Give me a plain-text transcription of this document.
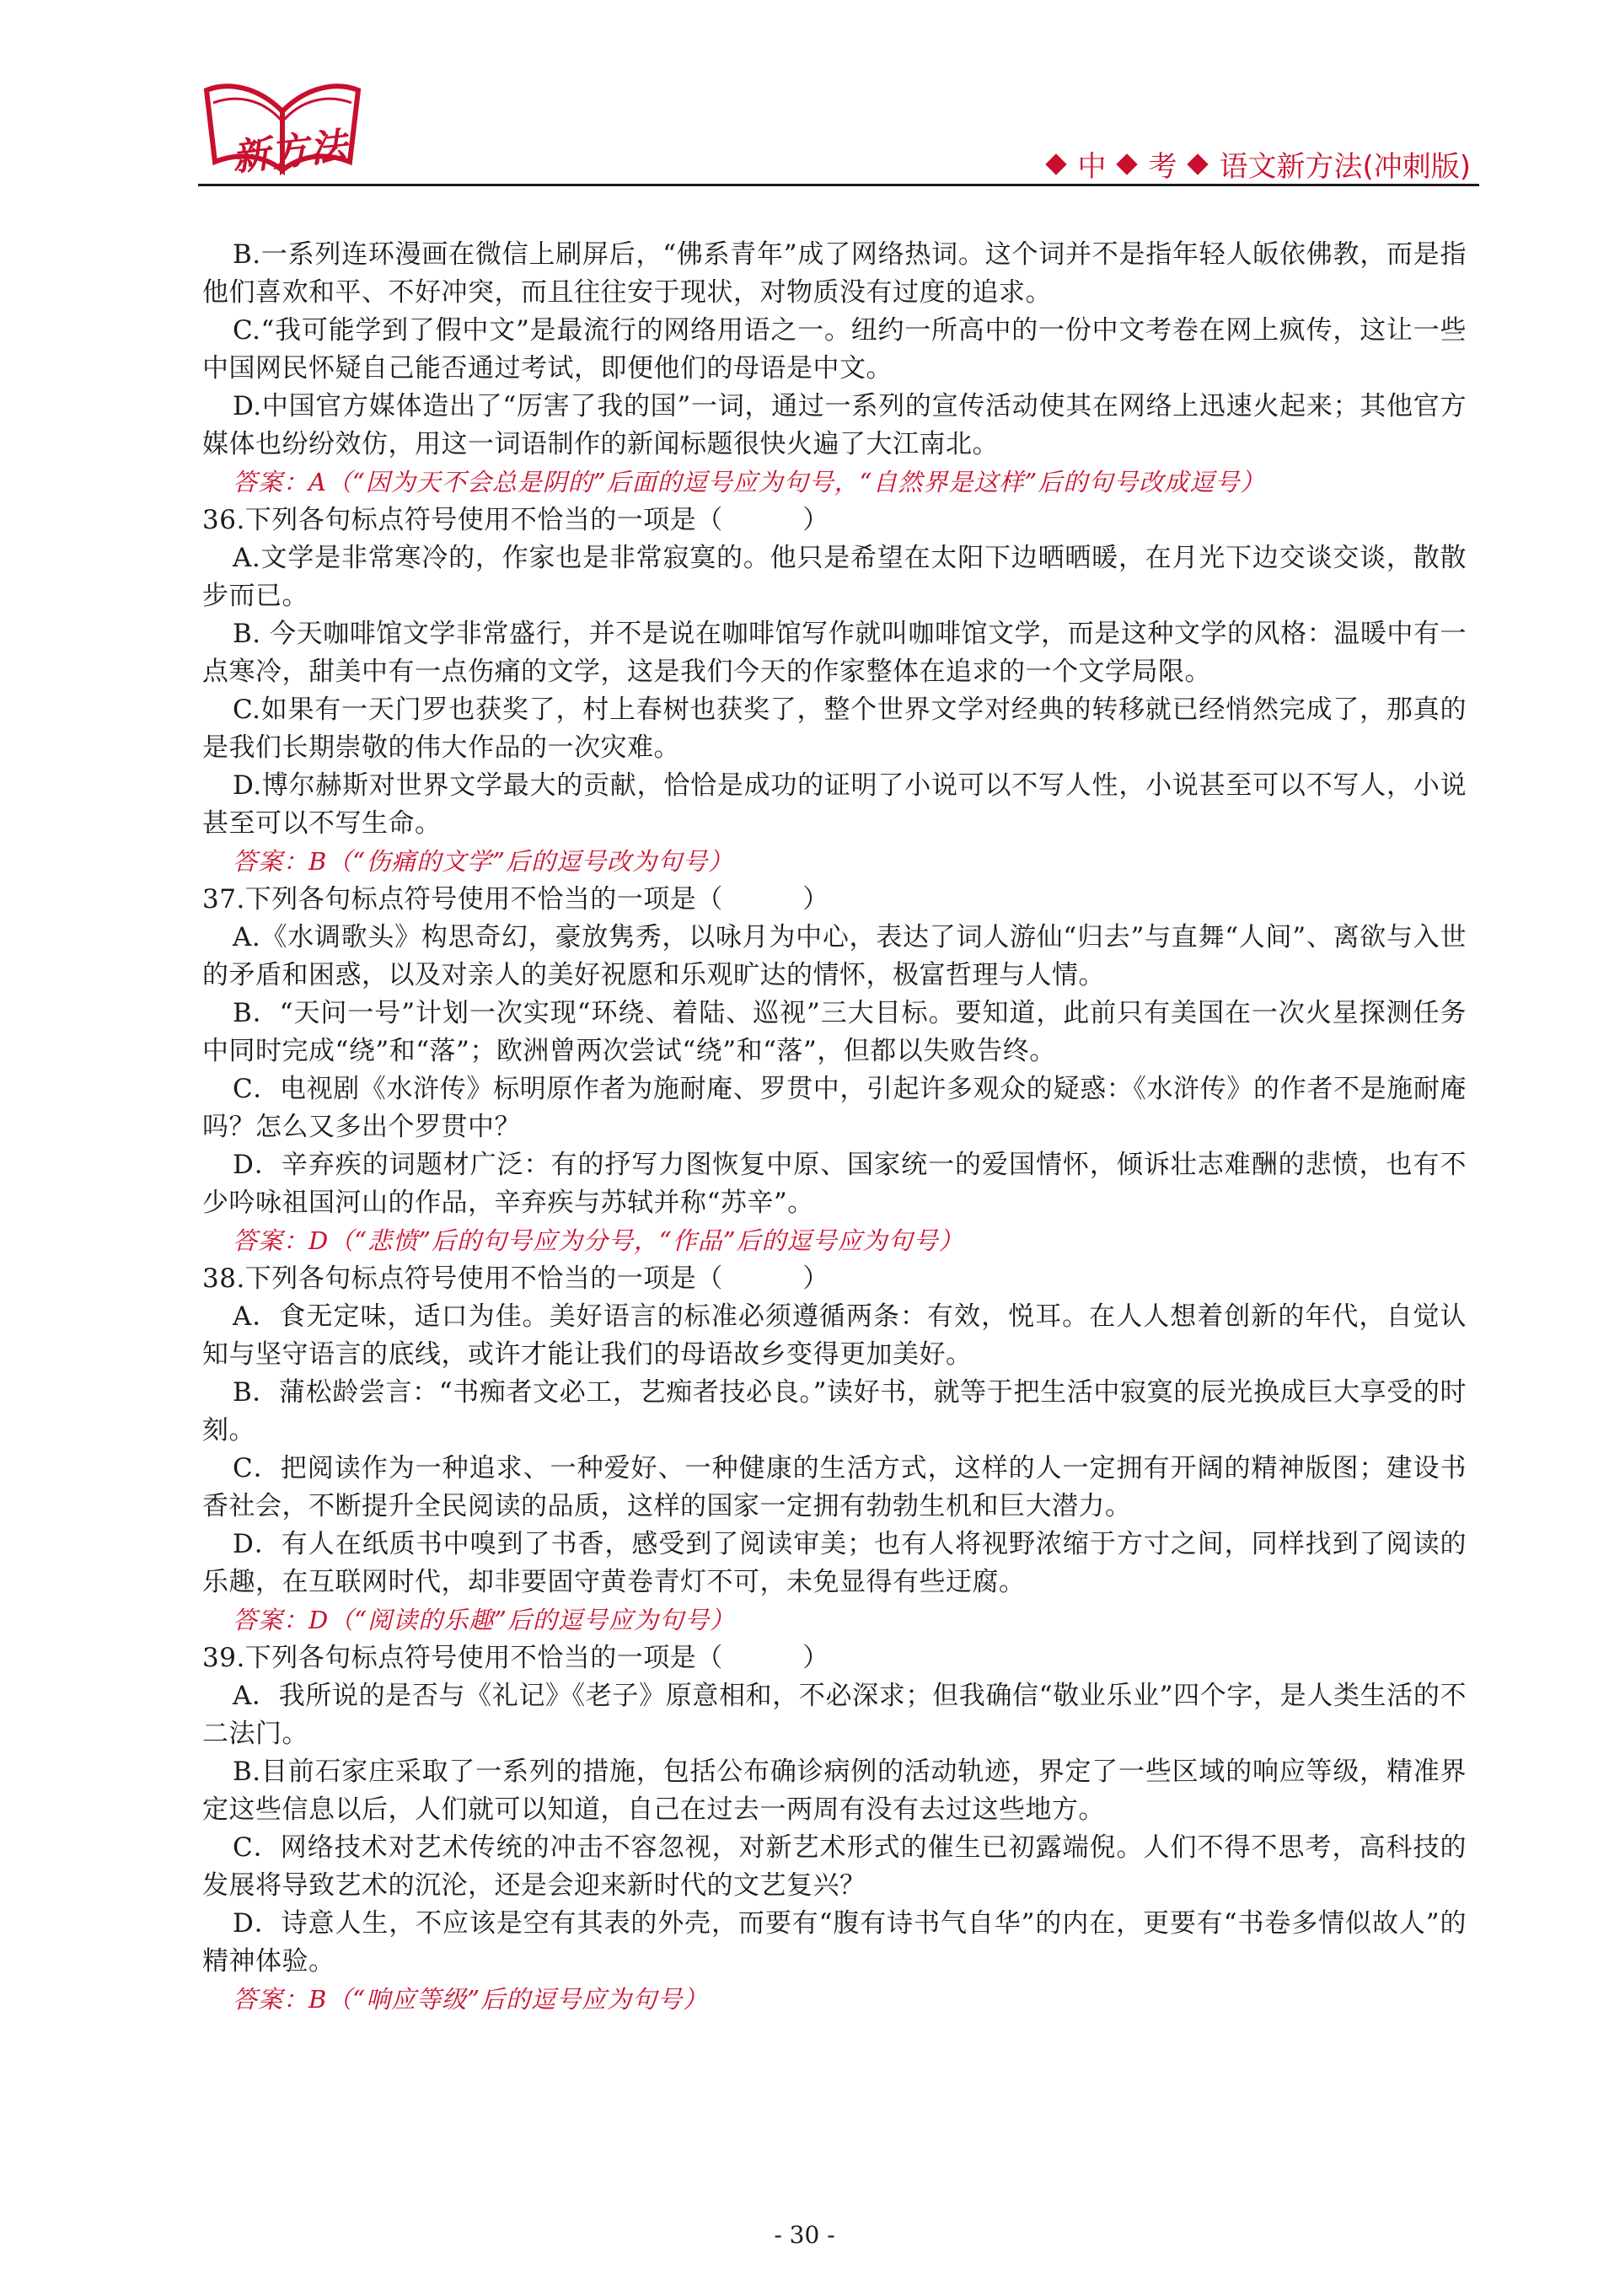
新方法	中 考 语文新方法(冲刺版)

B.一系列连环漫画在微信上刷屏后，“佛系青年”成了网络热词。这个词并不是指年轻人皈依佛教，而是指他们喜欢和平、不好冲突，而且往往安于现状，对物质没有过度的追求。

C.“我可能学到了假中文”是最流行的网络用语之一。纽约一所高中的一份中文考卷在网上疯传，这让一些中国网民怀疑自己能否通过考试，即便他们的母语是中文。

D.中国官方媒体造出了“厉害了我的国”一词，通过一系列的宣传活动使其在网络上迅速火起来；其他官方媒体也纷纷效仿，用这一词语制作的新闻标题很快火遍了大江南北。

答案：A（“因为天不会总是阴的”后面的逗号应为句号，“自然界是这样”后的句号改成逗号）

36.下列各句标点符号使用不恰当的一项是（　　　）

A.文学是非常寒冷的，作家也是非常寂寞的。他只是希望在太阳下边晒晒暖，在月光下边交谈交谈，散散步而已。

B. 今天咖啡馆文学非常盛行，并不是说在咖啡馆写作就叫咖啡馆文学，而是这种文学的风格：温暖中有一点寒冷，甜美中有一点伤痛的文学，这是我们今天的作家整体在追求的一个文学局限。

C.如果有一天门罗也获奖了，村上春树也获奖了，整个世界文学对经典的转移就已经悄然完成了，那真的是我们长期崇敬的伟大作品的一次灾难。

D.博尔赫斯对世界文学最大的贡献，恰恰是成功的证明了小说可以不写人性，小说甚至可以不写人，小说甚至可以不写生命。

答案：B（“伤痛的文学”后的逗号改为句号）

37.下列各句标点符号使用不恰当的一项是（　　　）

A.《水调歌头》构思奇幻，豪放隽秀，以咏月为中心，表达了词人游仙“归去”与直舞“人间”、离欲与入世的矛盾和困惑，以及对亲人的美好祝愿和乐观旷达的情怀，极富哲理与人情。

B．“天问一号”计划一次实现“环绕、着陆、巡视”三大目标。要知道，此前只有美国在一次火星探测任务中同时完成“绕”和“落”；欧洲曾两次尝试“绕”和“落”，但都以失败告终。

C．电视剧《水浒传》标明原作者为施耐庵、罗贯中，引起许多观众的疑惑：《水浒传》的作者不是施耐庵吗？怎么又多出个罗贯中？

D．辛弃疾的词题材广泛：有的抒写力图恢复中原、国家统一的爱国情怀，倾诉壮志难酬的悲愤，也有不少吟咏祖国河山的作品，辛弃疾与苏轼并称“苏辛”。

答案：D（“悲愤”后的句号应为分号，“作品”后的逗号应为句号）

38.下列各句标点符号使用不恰当的一项是（　　　）

A．食无定味，适口为佳。美好语言的标准必须遵循两条：有效，悦耳。在人人想着创新的年代，自觉认知与坚守语言的底线，或许才能让我们的母语故乡变得更加美好。

B．蒲松龄尝言：“书痴者文必工，艺痴者技必良。”读好书，就等于把生活中寂寞的辰光换成巨大享受的时刻。

C．把阅读作为一种追求、一种爱好、一种健康的生活方式，这样的人一定拥有开阔的精神版图；建设书香社会，不断提升全民阅读的品质，这样的国家一定拥有勃勃生机和巨大潜力。

D．有人在纸质书中嗅到了书香，感受到了阅读审美；也有人将视野浓缩于方寸之间，同样找到了阅读的乐趣，在互联网时代，却非要固守黄卷青灯不可，未免显得有些迂腐。

答案：D（“阅读的乐趣”后的逗号应为句号）

39.下列各句标点符号使用不恰当的一项是（　　　）

A．我所说的是否与《礼记》《老子》原意相和，不必深求；但我确信“敬业乐业”四个字，是人类生活的不二法门。

B.目前石家庄采取了一系列的措施，包括公布确诊病例的活动轨迹，界定了一些区域的响应等级，精准界定这些信息以后，人们就可以知道，自己在过去一两周有没有去过这些地方。

C．网络技术对艺术传统的冲击不容忽视，对新艺术形式的催生已初露端倪。人们不得不思考，高科技的发展将导致艺术的沉沦，还是会迎来新时代的文艺复兴？

D．诗意人生，不应该是空有其表的外壳，而要有“腹有诗书气自华”的内在，更要有“书卷多情似故人”的精神体验。

答案：B（“响应等级”后的逗号应为句号）

- 30 -
